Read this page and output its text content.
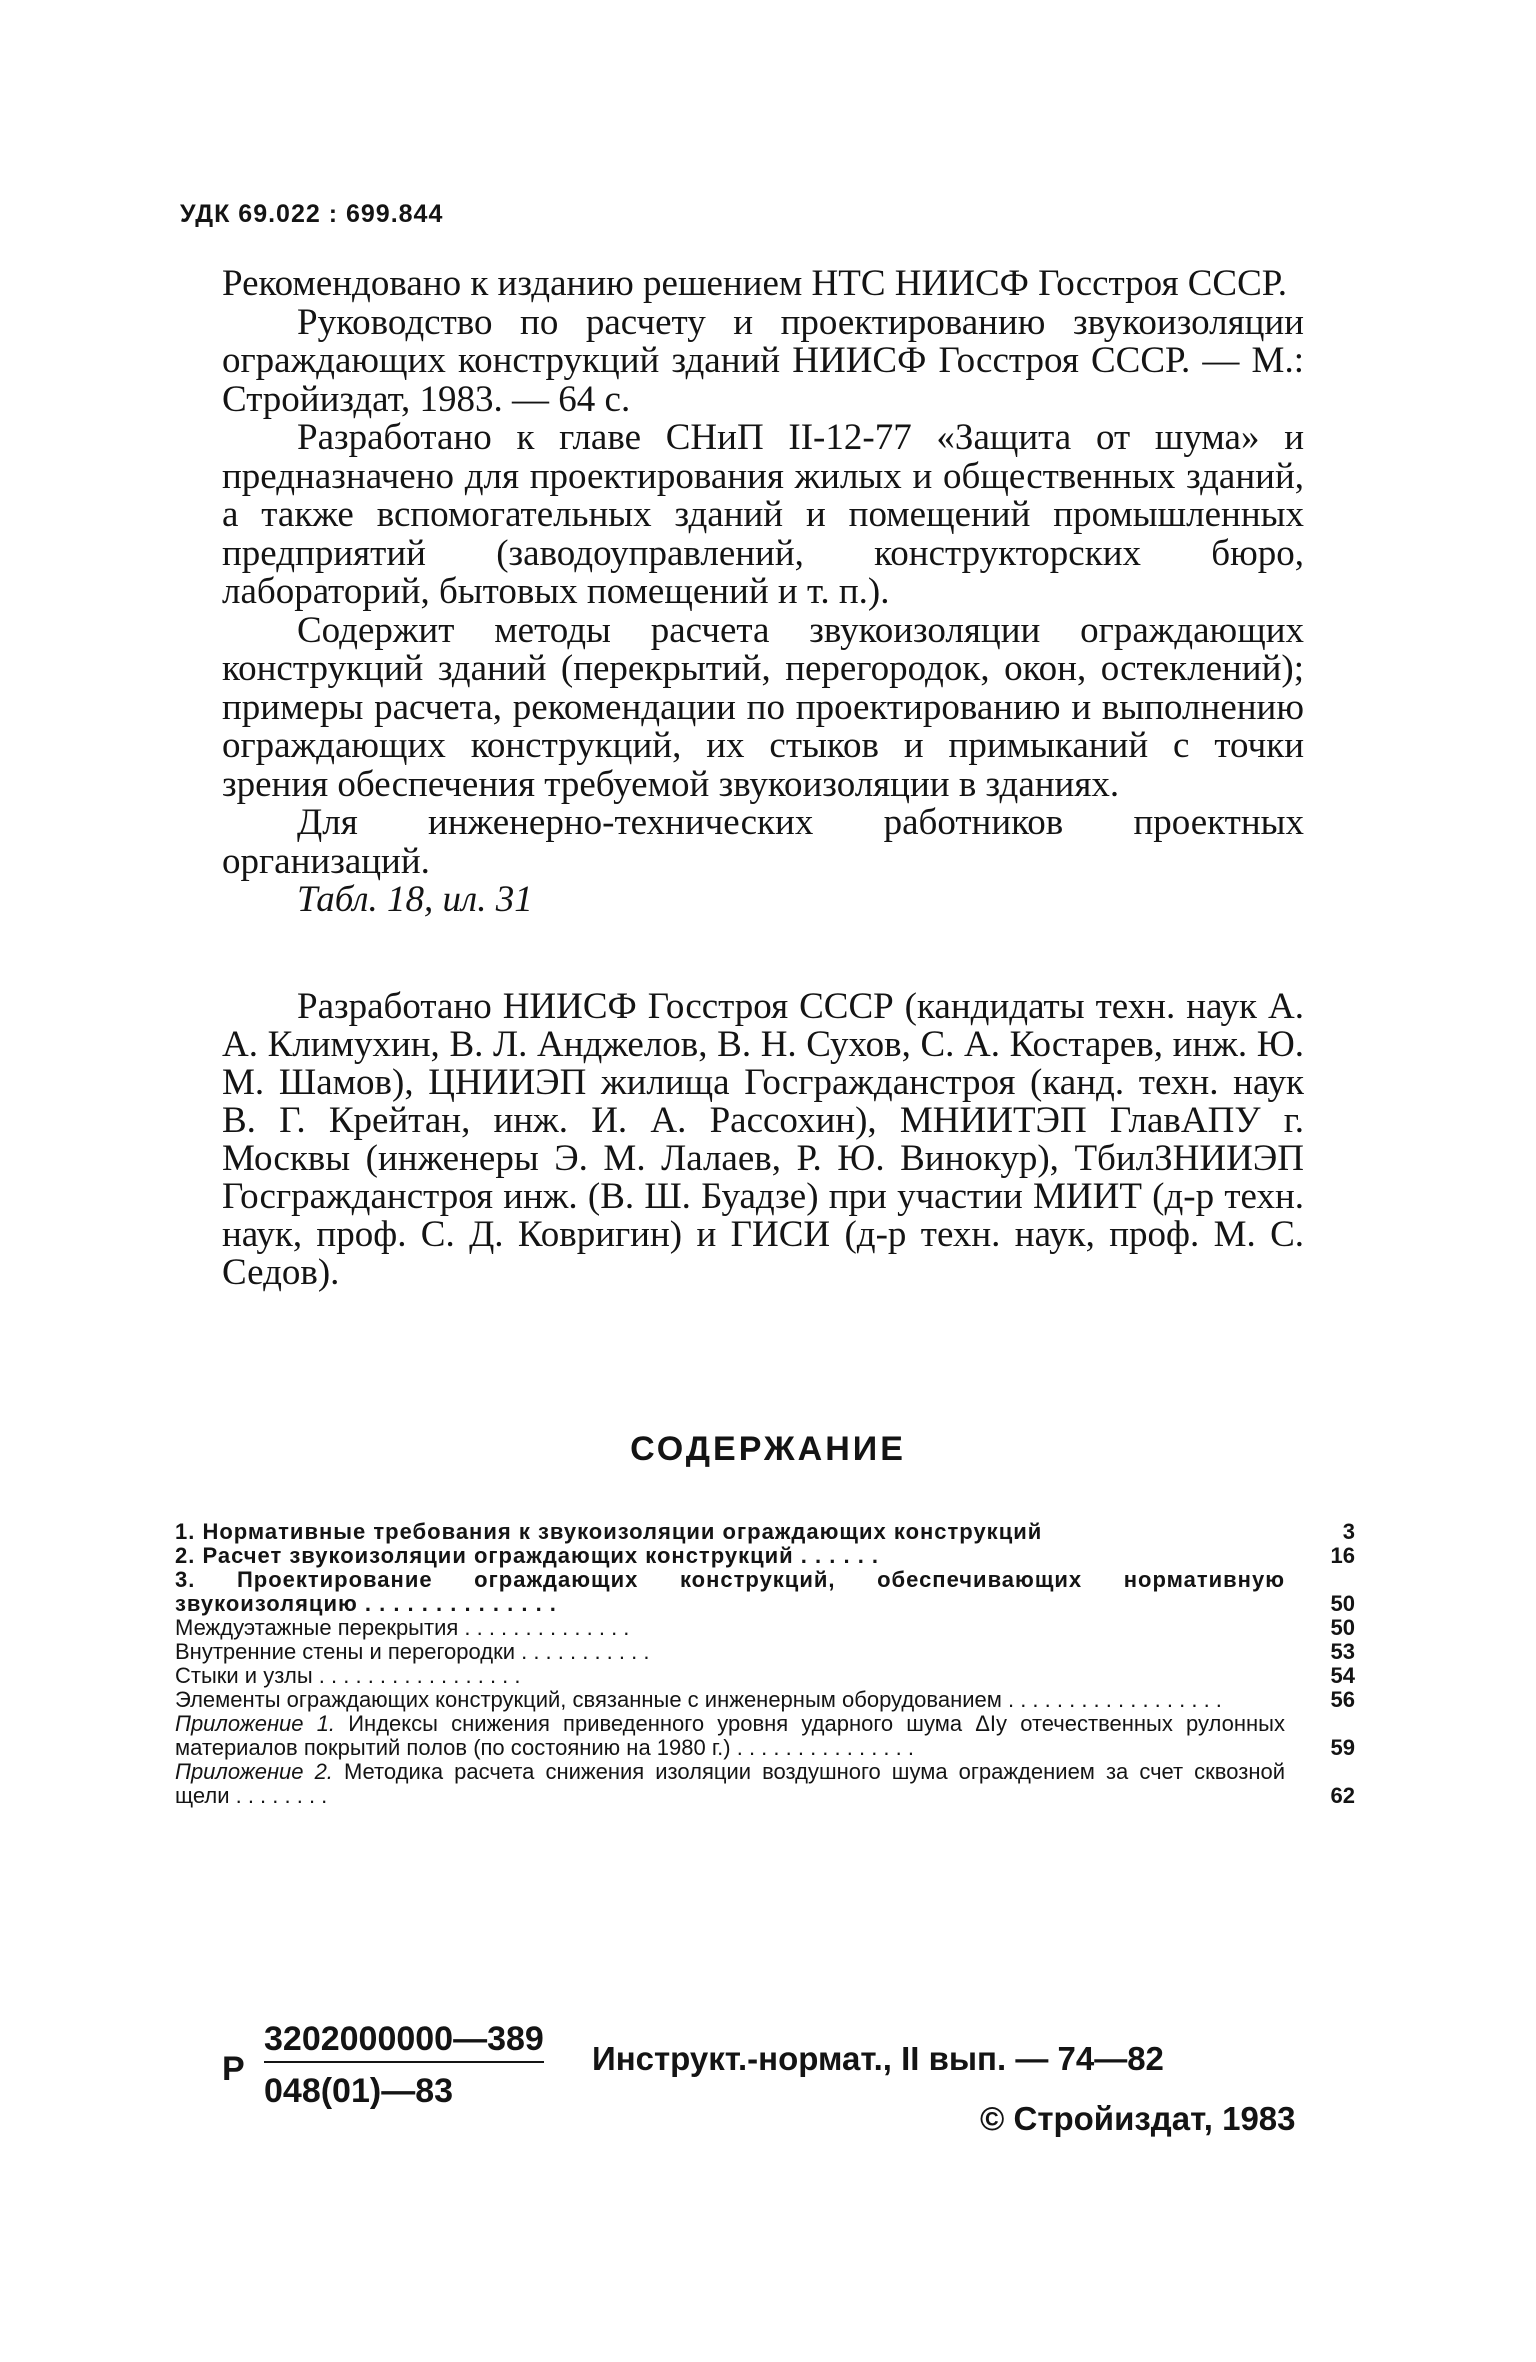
УДК 69.022 : 699.844

Рекомендовано к изданию решением НТС НИИСФ Госстроя СССР.

Руководство по расчету и проектированию звукоизоляции ограждающих конструкций зданий НИИСФ Госстроя СССР. — М.: Стройиздат, 1983. — 64 с.

Разработано к главе СНиП II-12-77 «Защита от шума» и предназначено для проектирования жилых и общественных зданий, а также вспомогательных зданий и помещений промышленных предприятий (заводоуправлений, конструкторских бюро, лабораторий, бытовых помещений и т. п.).

Содержит методы расчета звукоизоляции ограждающих конструкций зданий (перекрытий, перегородок, окон, остеклений); примеры расчета, рекомендации по проектированию и выполнению ограждающих конструкций, их стыков и примыканий с точки зрения обеспечения требуемой звукоизоляции в зданиях.

Для инженерно-технических работников проектных организаций.

Табл. 18, ил. 31

Разработано НИИСФ Госстроя СССР (кандидаты техн. наук А. А. Климухин, В. Л. Анджелов, В. Н. Сухов, С. А. Костарев, инж. Ю. М. Шамов), ЦНИИЭП жилища Госгражданстроя (канд. техн. наук В. Г. Крейтан, инж. И. А. Рассохин), МНИИТЭП ГлавАПУ г. Москвы (инженеры Э. М. Лалаев, Р. Ю. Винокур), ТбилЗНИИЭП Госгражданстроя инж. (В. Ш. Буадзе) при участии МИИТ (д-р техн. наук, проф. С. Д. Ковригин) и ГИСИ (д-р техн. наук, проф. М. С. Седов).
СОДЕРЖАНИЕ
1. Нормативные требования к звукоизоляции ограждающих конструкций	3
2. Расчет звукоизоляции ограждающих конструкций . . . . . .	16
3. Проектирование ограждающих конструкций, обеспечивающих нормативную звукоизоляцию . . . . . . . . . . . . . .	50
Междуэтажные перекрытия . . . . . . . . . . . . . .	50
Внутренние стены и перегородки . . . . . . . . . . .	53
Стыки и узлы . . . . . . . . . . . . . . . . .	54
Элементы ограждающих конструкций, связанные с инженерным оборудованием . . . . . . . . . . . . . . . . . .	56
Приложение 1. Индексы снижения приведенного уровня ударного шума ΔIу отечественных рулонных материалов покрытий полов (по состоянию на 1980 г.) . . . . . . . . . . . . . . .	59
Приложение 2. Методика расчета снижения изоляции воздушного шума ограждением за счет сквозной щели . . . . . . . .	62
Р
3202000000—389
048(01)—83
Инструкт.-нормат., II вып. — 74—82
© Стройиздат, 1983
